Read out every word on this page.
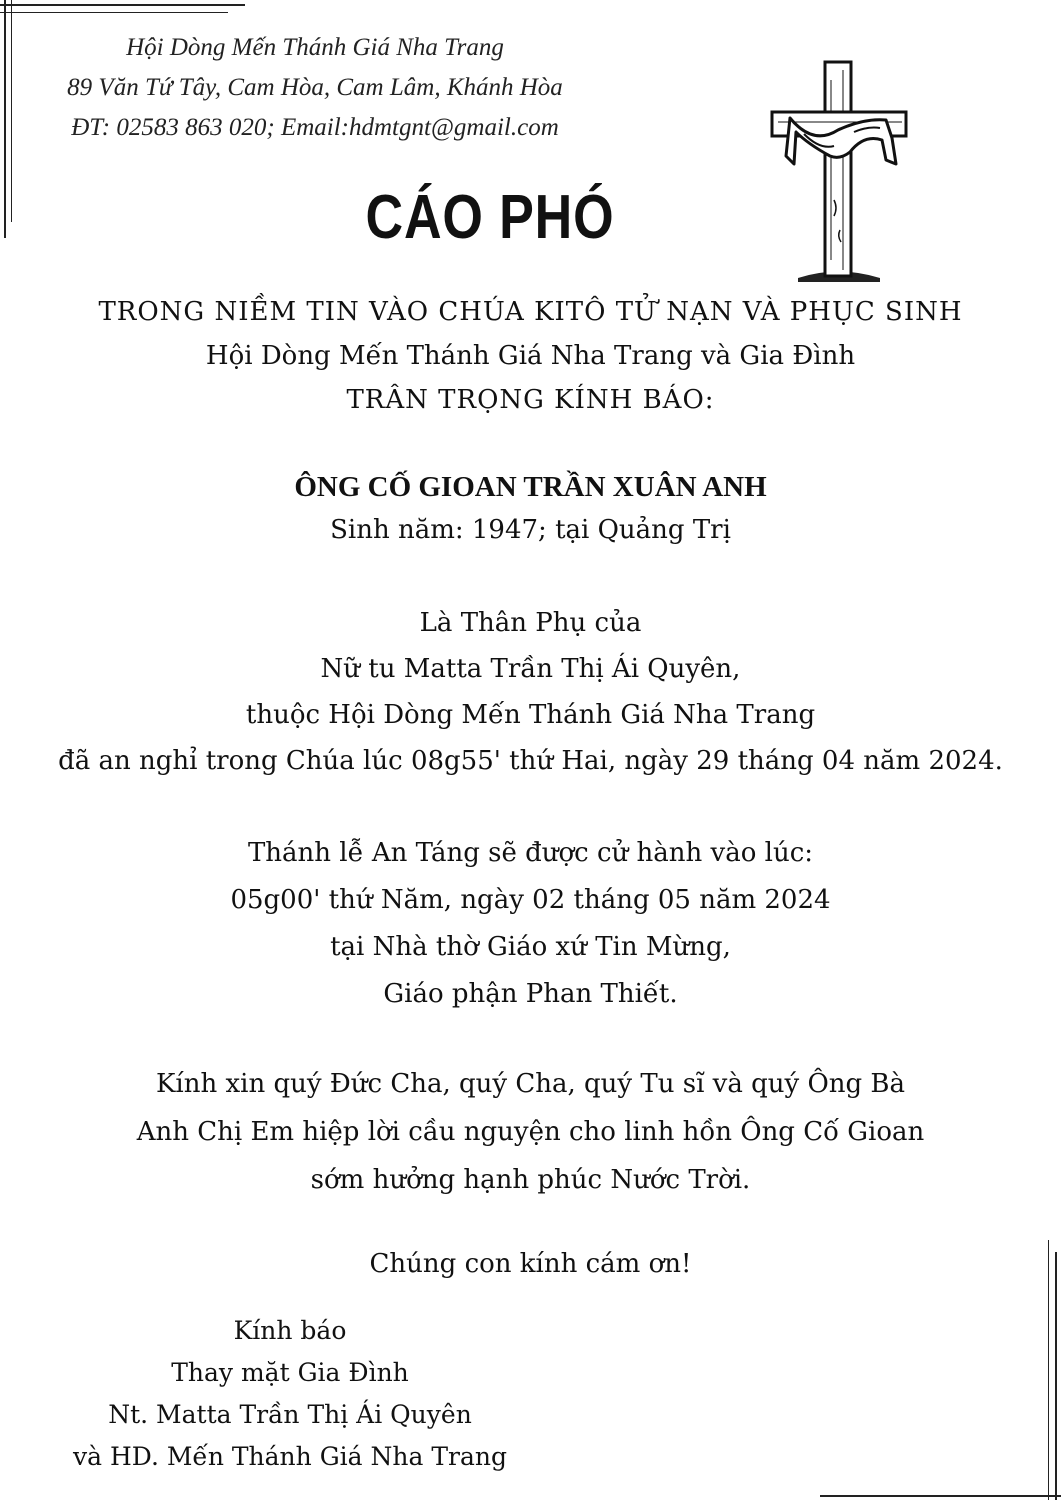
Hội Dòng Mến Thánh Giá Nha Trang
89 Văn Tứ Tây, Cam Hòa, Cam Lâm, Khánh Hòa
ĐT: 02583 863 020; Email:hdmtgnt@gmail.com
CÁO PHÓ
TRONG NIỀM TIN VÀO CHÚA KITÔ TỬ NẠN VÀ PHỤC SINH
Hội Dòng Mến Thánh Giá Nha Trang và Gia Đình
TRÂN TRỌNG KÍNH BÁO:
ÔNG CỐ GIOAN TRẦN XUÂN ANH
Sinh năm: 1947; tại Quảng Trị
Là Thân Phụ của
Nữ tu Matta Trần Thị Ái Quyên,
thuộc Hội Dòng Mến Thánh Giá Nha Trang
đã an nghỉ trong Chúa lúc 08g55' thứ Hai, ngày 29 tháng 04 năm 2024.
Thánh lễ An Táng sẽ được cử hành vào lúc:
05g00' thứ Năm, ngày 02 tháng 05 năm 2024
tại Nhà thờ Giáo xứ Tin Mừng,
Giáo phận Phan Thiết.
Kính xin quý Đức Cha, quý Cha, quý Tu sĩ và quý Ông Bà
Anh Chị Em hiệp lời cầu nguyện cho linh hồn Ông Cố Gioan
sớm hưởng hạnh phúc Nước Trời.
Chúng con kính cám ơn!
Kính báo
Thay mặt Gia Đình
Nt. Matta Trần Thị Ái Quyên
và HD. Mến Thánh Giá Nha Trang
